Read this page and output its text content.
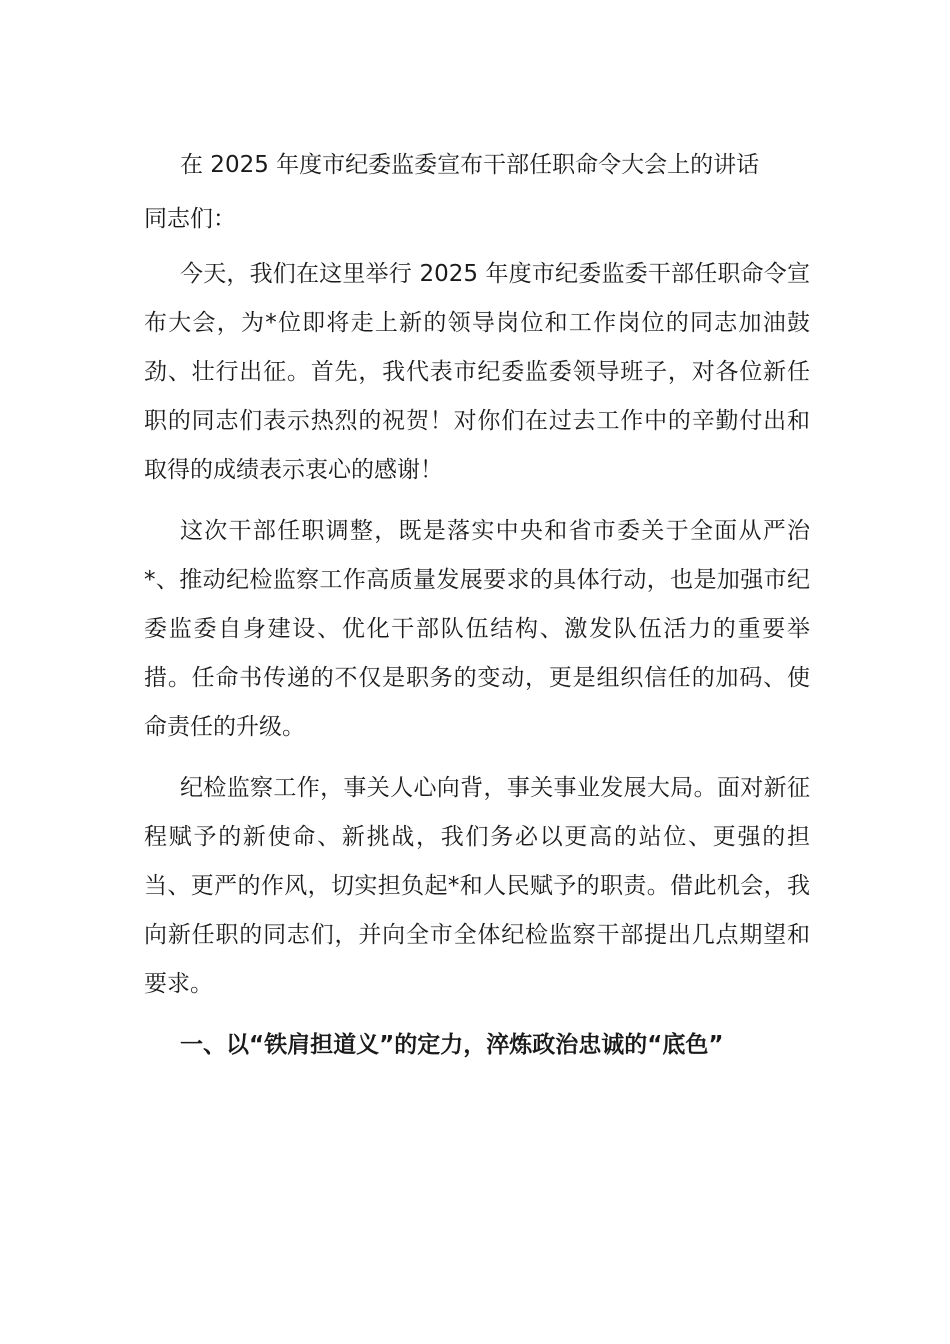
在 2025 年度市纪委监委宣布干部任职命令大会上的讲话

同志们：

今天，我们在这里举行 2025 年度市纪委监委干部任职命令宣布大会，为*位即将走上新的领导岗位和工作岗位的同志加油鼓劲、壮行出征。首先，我代表市纪委监委领导班子，对各位新任职的同志们表示热烈的祝贺！对你们在过去工作中的辛勤付出和取得的成绩表示衷心的感谢！

这次干部任职调整，既是落实中央和省市委关于全面从严治*、推动纪检监察工作高质量发展要求的具体行动，也是加强市纪委监委自身建设、优化干部队伍结构、激发队伍活力的重要举措。任命书传递的不仅是职务的变动，更是组织信任的加码、使命责任的升级。

纪检监察工作，事关人心向背，事关事业发展大局。面对新征程赋予的新使命、新挑战，我们务必以更高的站位、更强的担当、更严的作风，切实担负起*和人民赋予的职责。借此机会，我向新任职的同志们，并向全市全体纪检监察干部提出几点期望和要求。

一、以“铁肩担道义”的定力，淬炼政治忠诚的“底色”
